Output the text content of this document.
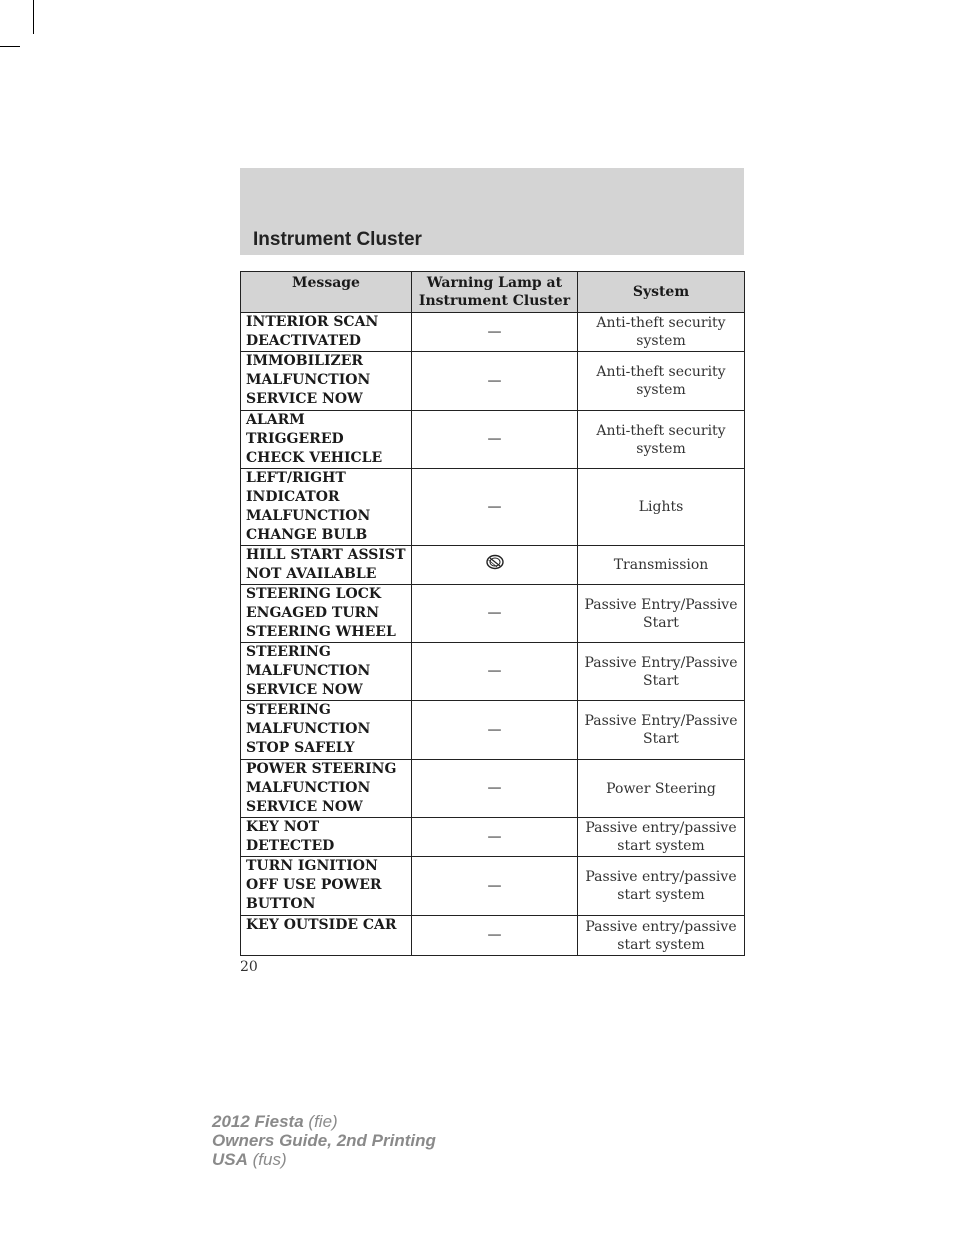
Instrument Cluster
Message	Warning Lamp at
Instrument Cluster	System
INTERIOR SCAN
DEACTIVATED	—	Anti-theft security
system
IMMOBILIZER
MALFUNCTION
SERVICE NOW	—	Anti-theft security
system
ALARM TRIGGERED
CHECK VEHICLE	—	Anti-theft security
system
LEFT/RIGHT
INDICATOR
MALFUNCTION
CHANGE BULB	—	Lights
HILL START ASSIST
NOT AVAILABLE		Transmission
STEERING LOCK
ENGAGED TURN
STEERING WHEEL	—	Passive Entry/Passive
Start
STEERING
MALFUNCTION
SERVICE NOW	—	Passive Entry/Passive
Start
STEERING
MALFUNCTION
STOP SAFELY	—	Passive Entry/Passive
Start
POWER STEERING
MALFUNCTION
SERVICE NOW	—	Power Steering
KEY NOT
DETECTED	—	Passive entry/passive
start system
TURN IGNITION
OFF USE POWER
BUTTON	—	Passive entry/passive
start system
KEY OUTSIDE CAR	—	Passive entry/passive
start system
20
2012 Fiesta (fie)
Owners Guide, 2nd Printing
USA (fus)
